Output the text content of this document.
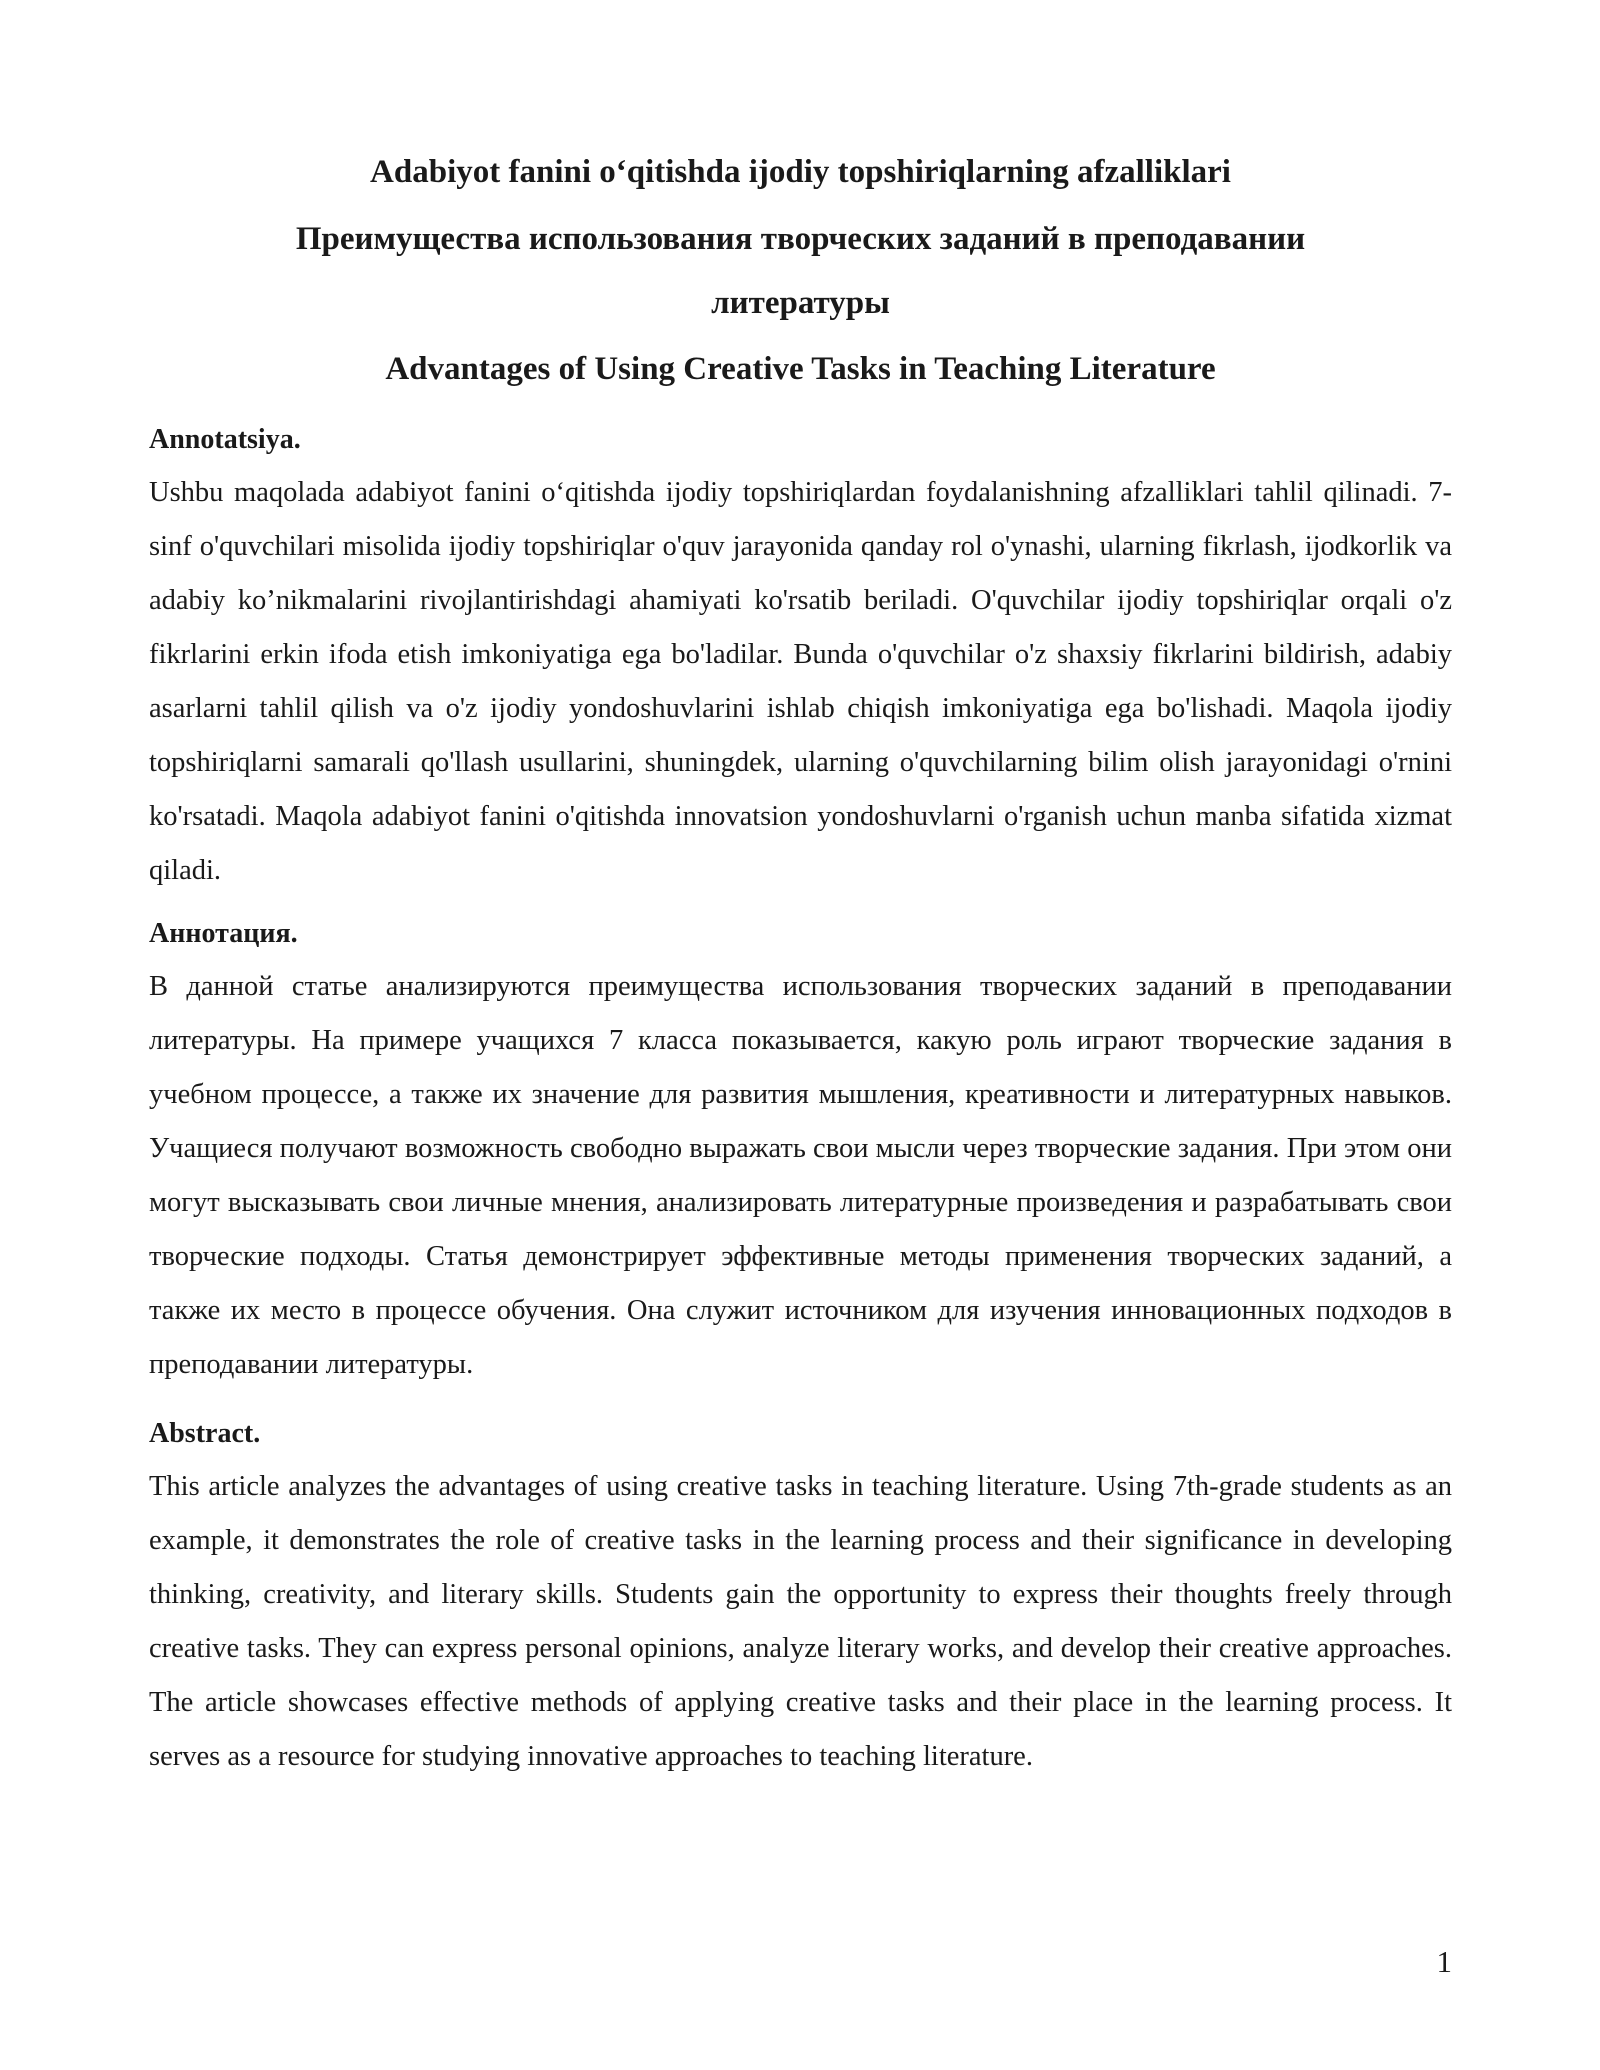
Adabiyot fanini o‘qitishda ijodiy topshiriqlarning afzalliklari
Преимущества использования творческих заданий в преподавании литературы
Advantages of Using Creative Tasks in Teaching Literature
Annotatsiya.

Ushbu maqolada adabiyot fanini o‘qitishda ijodiy topshiriqlardan foydalanishning afzalliklari tahlil qilinadi. 7-sinf o'quvchilari misolida ijodiy topshiriqlar o'quv jarayonida qanday rol o'ynashi, ularning fikrlash, ijodkorlik va adabiy ko’nikmalarini rivojlantirishdagi ahamiyati ko'rsatib beriladi. O'quvchilar ijodiy topshiriqlar orqali o'z fikrlarini erkin ifoda etish imkoniyatiga ega bo'ladilar. Bunda o'quvchilar o'z shaxsiy fikrlarini bildirish, adabiy asarlarni tahlil qilish va o'z ijodiy yondoshuvlarini ishlab chiqish imkoniyatiga ega bo'lishadi. Maqola ijodiy topshiriqlarni samarali qo'llash usullarini, shuningdek, ularning o'quvchilarning bilim olish jarayonidagi o'rnini ko'rsatadi. Maqola adabiyot fanini o'qitishda innovatsion yondoshuvlarni o'rganish uchun manba sifatida xizmat qiladi.

Аннотация.

В данной статье анализируются преимущества использования творческих заданий в преподавании литературы. На примере учащихся 7 класса показывается, какую роль играют творческие задания в учебном процессе, а также их значение для развития мышления, креативности и литературных навыков. Учащиеся получают возможность свободно выражать свои мысли через творческие задания. При этом они могут высказывать свои личные мнения, анализировать литературные произведения и разрабатывать свои творческие подходы. Статья демонстрирует эффективные методы применения творческих заданий, а также их место в процессе обучения. Она служит источником для изучения инновационных подходов в преподавании литературы.

Abstract.

This article analyzes the advantages of using creative tasks in teaching literature. Using 7th-grade students as an example, it demonstrates the role of creative tasks in the learning process and their significance in developing thinking, creativity, and literary skills. Students gain the opportunity to express their thoughts freely through creative tasks. They can express personal opinions, analyze literary works, and develop their creative approaches. The article showcases effective methods of applying creative tasks and their place in the learning process. It serves as a resource for studying innovative approaches to teaching literature.

1
